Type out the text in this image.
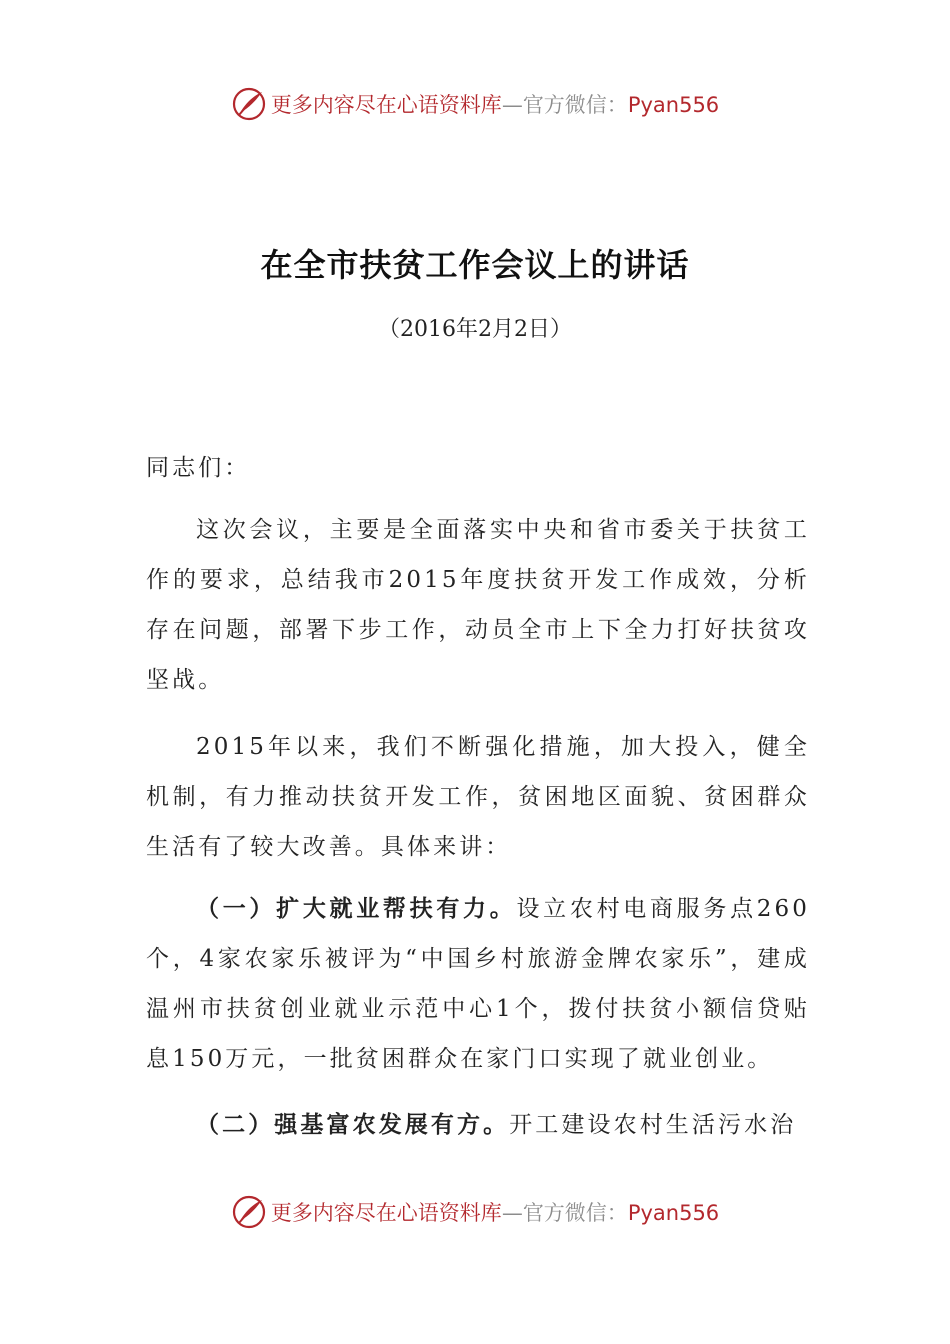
更多内容尽在心语资料库—官方微信：Pyan556
在全市扶贫工作会议上的讲话
（2016年2月2日）

同志们：

这次会议，主要是全面落实中央和省市委关于扶贫工作的要求，总结我市2015年度扶贫开发工作成效，分析存在问题，部署下步工作，动员全市上下全力打好扶贫攻坚战。

2015年以来，我们不断强化措施，加大投入，健全机制，有力推动扶贫开发工作，贫困地区面貌、贫困群众生活有了较大改善。具体来讲：

（一）扩大就业帮扶有力。设立农村电商服务点260个，4家农家乐被评为“中国乡村旅游金牌农家乐”，建成温州市扶贫创业就业示范中心1个，拨付扶贫小额信贷贴息150万元，一批贫困群众在家门口实现了就业创业。

（二）强基富农发展有方。开工建设农村生活污水治

更多内容尽在心语资料库—官方微信：Pyan556
